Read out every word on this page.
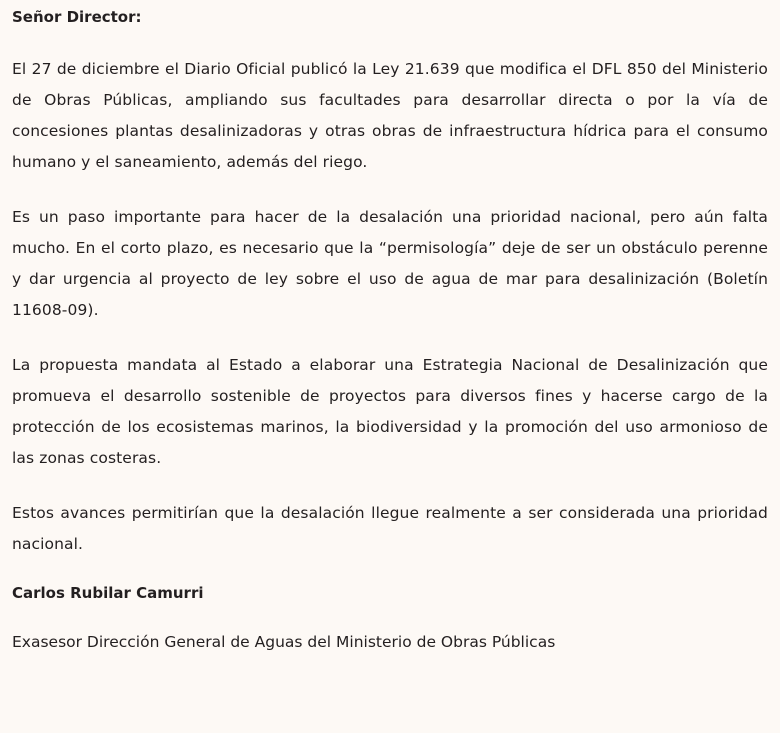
Señor Director:

El 27 de diciembre el Diario Oficial publicó la Ley 21.639 que modifica el DFL 850 del Ministerio de Obras Públicas, ampliando sus facultades para desarrollar directa o por la vía de concesiones plantas desalinizadoras y otras obras de infraestructura hídrica para el consumo humano y el saneamiento, además del riego.

Es un paso importante para hacer de la desalación una prioridad nacional, pero aún falta mucho. En el corto plazo, es necesario que la “permisología” deje de ser un obstáculo perenne y dar urgencia al proyecto de ley sobre el uso de agua de mar para desalinización (Boletín 11608-09).

La propuesta mandata al Estado a elaborar una Estrategia Nacional de Desalinización que promueva el desarrollo sostenible de proyectos para diversos fines y hacerse cargo de la protección de los ecosistemas marinos, la biodiversidad y la promoción del uso armonioso de las zonas costeras.

Estos avances permitirían que la desalación llegue realmente a ser considerada una prioridad nacional.

Carlos Rubilar Camurri

Exasesor Dirección General de Aguas del Ministerio de Obras Públicas
